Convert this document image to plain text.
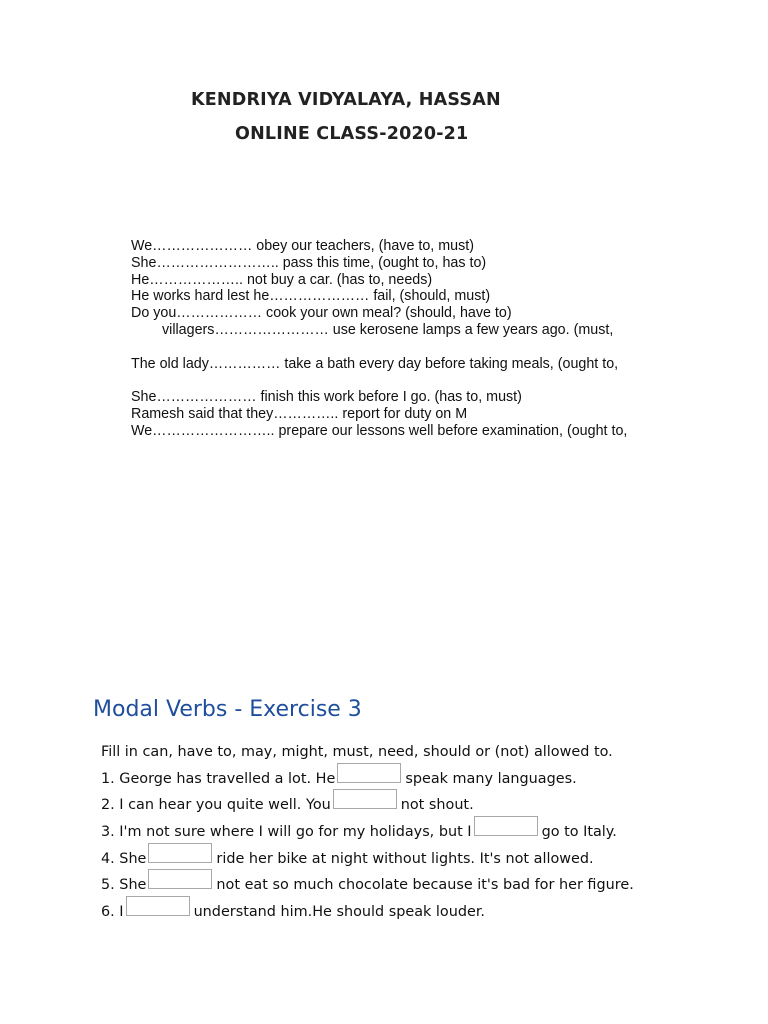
KENDRIYA VIDYALAYA, HASSAN
ONLINE CLASS-2020-21
We………………… obey our teachers, (have to, must)
She…………………….. pass this time, (ought to, has to)
He……………….. not buy a car. (has to, needs)
He works hard lest he………………… fail, (should, must)
Do you……………… cook your own meal? (should, have to)
villagers…………………… use kerosene lamps a few years ago. (must,
The old lady…………… take a bath every day before taking meals, (ought to,
She………………… finish this work before I go. (has to, must)
Ramesh said that they………….. report for duty on M
We…………………….. prepare our lessons well before examination, (ought to,
Modal Verbs - Exercise 3
Fill in can, have to, may, might, must, need, should or (not) allowed to.
1. George has travelled a lot. He	speak many languages.
2. I can hear you quite well. You	not shout.
3. I'm not sure where I will go for my holidays, but I	go to Italy.
4. She	ride her bike at night without lights. It's not allowed.
5. She	not eat so much chocolate because it's bad for her figure.
6. I	understand him.He should speak louder.
